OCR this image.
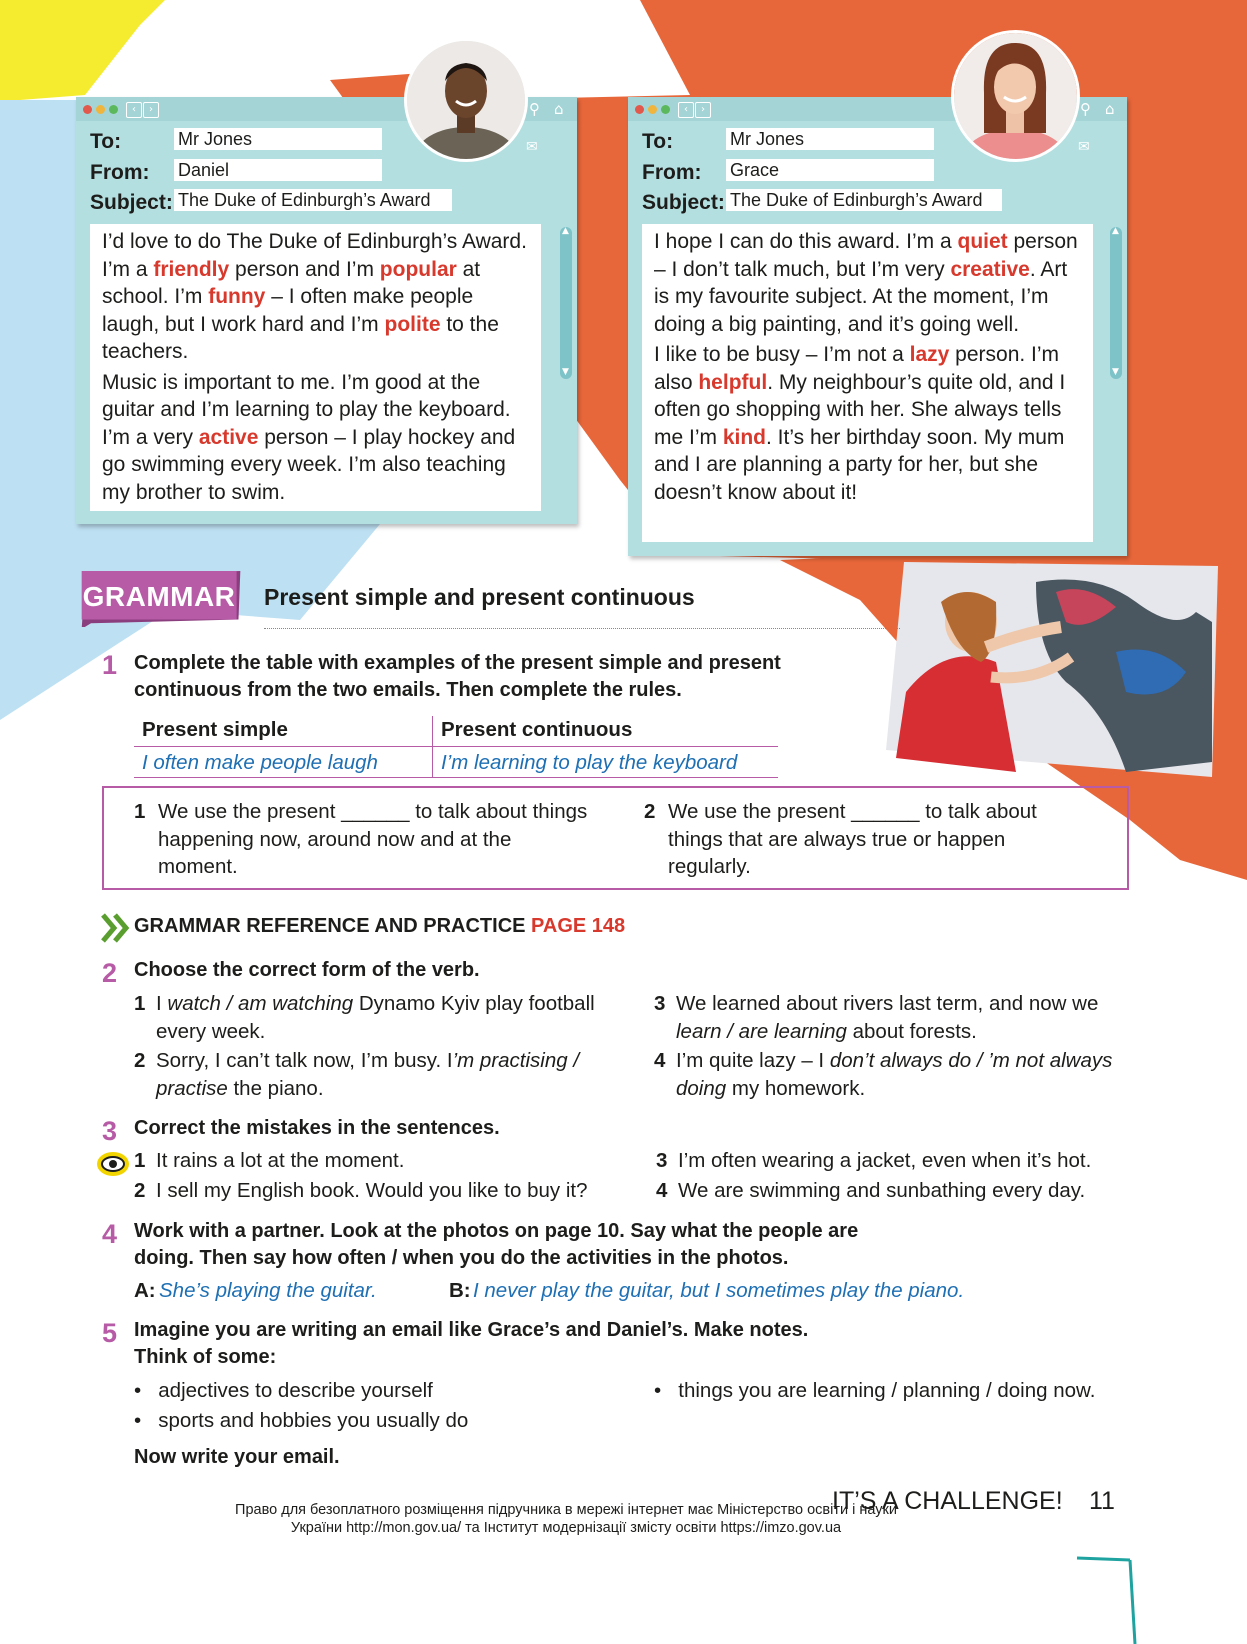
‹	›	⚲ ⌂
To:	Mr Jones
From: Daniel
Subject: The Duke of Edinburgh’s Award
✉

I’d love to do The Duke of Edinburgh’s Award. I’m a friendly person and I’m popular at school. I’m funny – I often make people laugh, but I work hard and I’m polite to the teachers.

Music is important to me. I’m good at the guitar and I’m learning to play the keyboard. I’m a very active person – I play hockey and go swimming every week. I’m also teaching my brother to swim.

▲
▼
‹	›	⚲ ⌂
To:	Mr Jones
From: Grace
Subject: The Duke of Edinburgh’s Award
✉

I hope I can do this award. I’m a quiet person – I don’t talk much, but I’m very creative. Art is my favourite subject. At the moment, I’m doing a big painting, and it’s going well.

I like to be busy – I’m not a lazy person. I’m also helpful. My neighbour’s quite old, and I often go shopping with her. She always tells me I’m kind. It’s her birthday soon. My mum and I are planning a party for her, but she doesn’t know about it!

▲
▼
GRAMMAR Present simple and present continuous
1 Complete the table with examples of the present simple and present continuous from the two emails. Then complete the rules.
Present simple	Present continuous
I often make people laugh	I’m learning to play the keyboard
1 We use the present ______ to talk about things happening now, around now and at the moment.
2 We use the present ______ to talk about things that are always true or happen regularly.
GRAMMAR REFERENCE AND PRACTICE PAGE 148
2 Choose the correct form of the verb.
1 I watch / am watching Dynamo Kyiv play football every week.
2 Sorry, I can’t talk now, I’m busy. I’m practising / practise the piano.
3 We learned about rivers last term, and now we learn / are learning about forests.
4 I’m quite lazy – I don’t always do / ’m not always doing my homework.
3 Correct the mistakes in the sentences.
1 It rains a lot at the moment.
2 I sell my English book. Would you like to buy it?
3 I’m often wearing a jacket, even when it’s hot.
4 We are swimming and sunbathing every day.
4 Work with a partner. Look at the photos on page 10. Say what the people are doing. Then say how often / when you do the activities in the photos.
A: She’s playing the guitar.	B: I never play the guitar, but I sometimes play the piano.
5 Imagine you are writing an email like Grace’s and Daniel’s. Make notes. Think of some:
•   adjectives to describe yourself
•   sports and hobbies you usually do
•   things you are learning / planning / doing now.
Now write your email.
IT’S A CHALLENGE! 11
Право для безоплатного розміщення підручника в мережі інтернет має Міністерство освіти і науки
України http://mon.gov.ua/ та Інститут модернізації змісту освіти https://imzo.gov.ua
